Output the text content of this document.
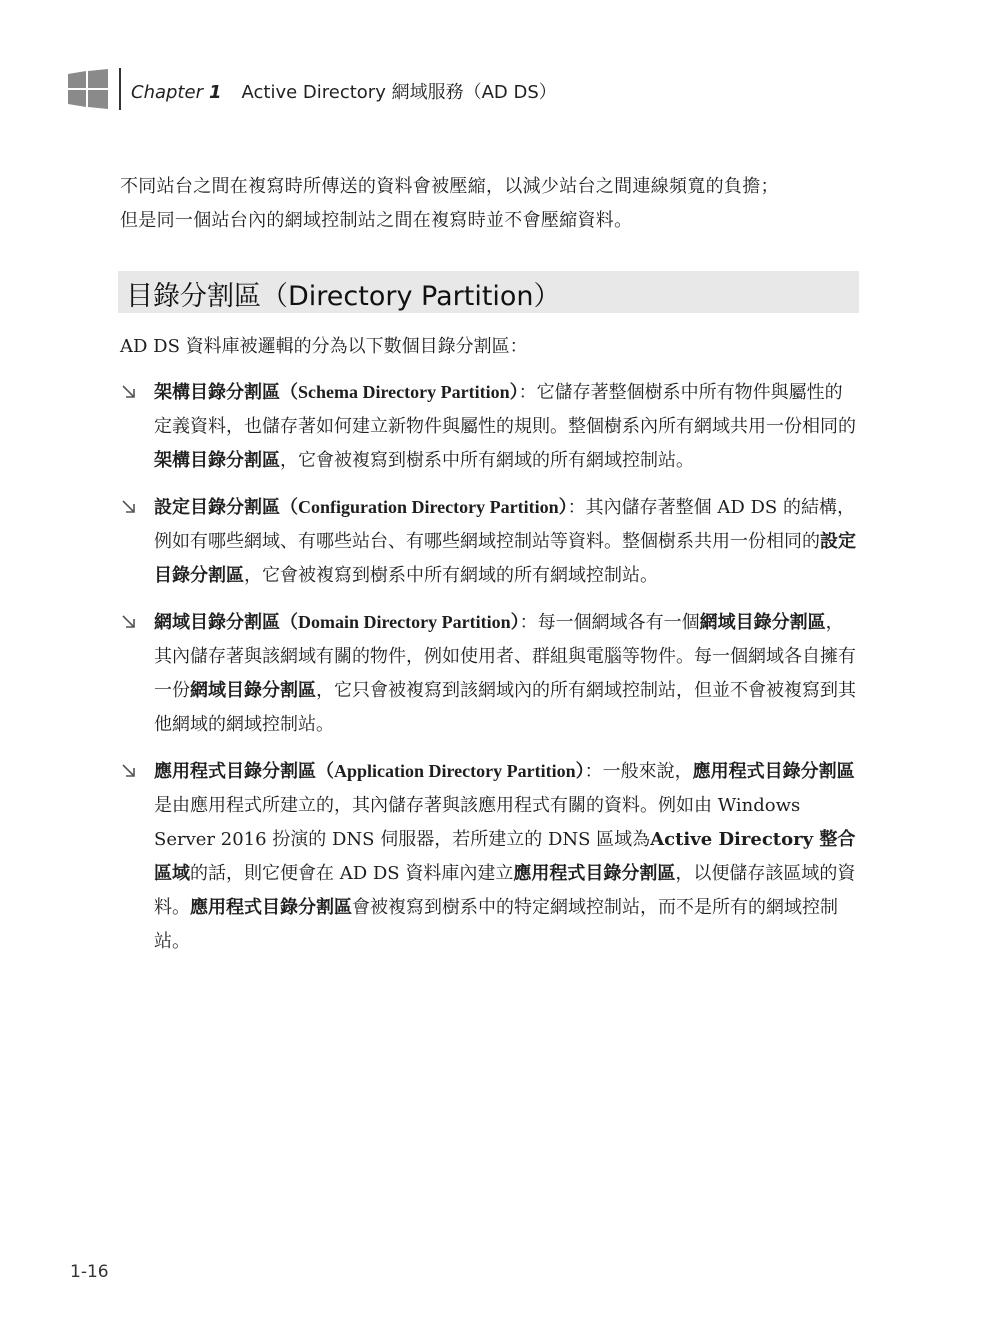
Chapter 1 Active Directory 網域服務（AD DS）

不同站台之間在複寫時所傳送的資料會被壓縮，以減少站台之間連線頻寬的負擔；

但是同一個站台內的網域控制站之間在複寫時並不會壓縮資料。

目錄分割區（Directory Partition）
AD DS 資料庫被邏輯的分為以下數個目錄分割區：
架構目錄分割區（Schema Directory Partition）：它儲存著整個樹系中所有物件與屬性的定義資料，也儲存著如何建立新物件與屬性的規則。整個樹系內所有網域共用一份相同的架構目錄分割區，它會被複寫到樹系中所有網域的所有網域控制站。
設定目錄分割區（Configuration Directory Partition）：其內儲存著整個 AD DS 的結構，例如有哪些網域、有哪些站台、有哪些網域控制站等資料。整個樹系共用一份相同的設定目錄分割區，它會被複寫到樹系中所有網域的所有網域控制站。
網域目錄分割區（Domain Directory Partition）：每一個網域各有一個網域目錄分割區，其內儲存著與該網域有關的物件，例如使用者、群組與電腦等物件。每一個網域各自擁有一份網域目錄分割區，它只會被複寫到該網域內的所有網域控制站，但並不會被複寫到其他網域的網域控制站。
應用程式目錄分割區（Application Directory Partition）：一般來說，應用程式目錄分割區是由應用程式所建立的，其內儲存著與該應用程式有關的資料。例如由 Windows Server 2016 扮演的 DNS 伺服器，若所建立的 DNS 區域為Active Directory 整合區域的話，則它便會在 AD DS 資料庫內建立應用程式目錄分割區，以便儲存該區域的資料。應用程式目錄分割區會被複寫到樹系中的特定網域控制站，而不是所有的網域控制站。
1-16
